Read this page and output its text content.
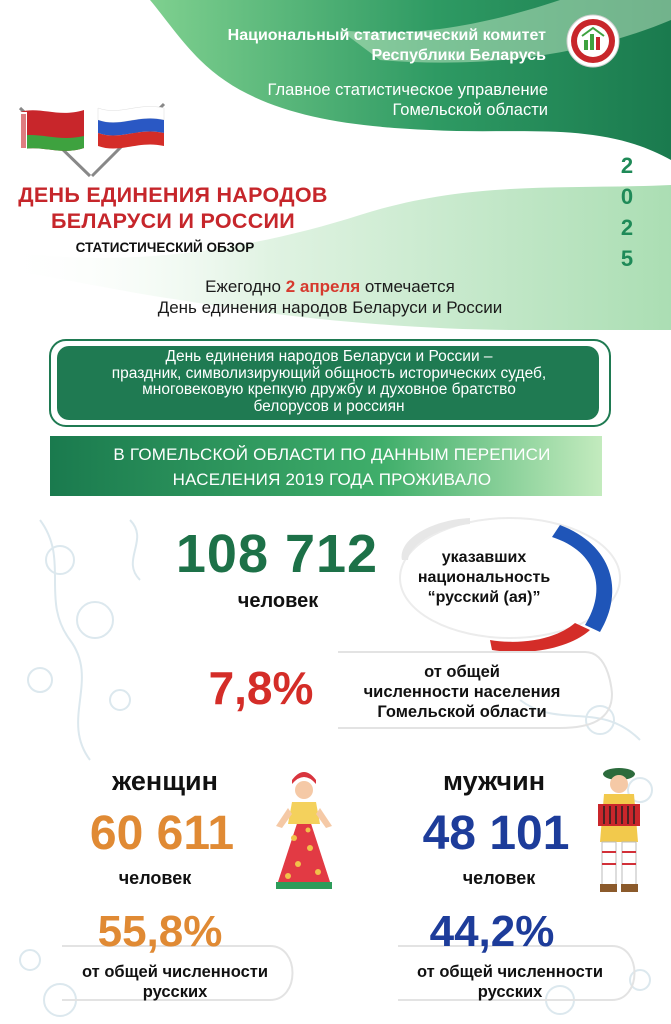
Национальный статистический комитет
Республики Беларусь
Главное статистическое управление
Гомельской области
ДЕНЬ ЕДИНЕНИЯ НАРОДОВ
БЕЛАРУСИ И РОССИИ
СТАТИСТИЧЕСКИЙ ОБЗОР
2
0
2
5
Ежегодно 2 апреля отмечается
День единения народов Беларуси и России
День единения народов Беларуси и России –
праздник, символизирующий общность исторических судеб,
многовековую крепкую дружбу и духовное братство
белорусов и россиян
В ГОМЕЛЬСКОЙ ОБЛАСТИ ПО ДАННЫМ ПЕРЕПИСИ
НАСЕЛЕНИЯ 2019 ГОДА ПРОЖИВАЛО
108 712
человек
указавших
национальность
“русский (ая)”
7,8%	от общей
численности населения
Гомельской области
женщин
60 611
человек
55,8%
от общей численности
русских
мужчин
48 101
человек
44,2%
от общей численности
русских
